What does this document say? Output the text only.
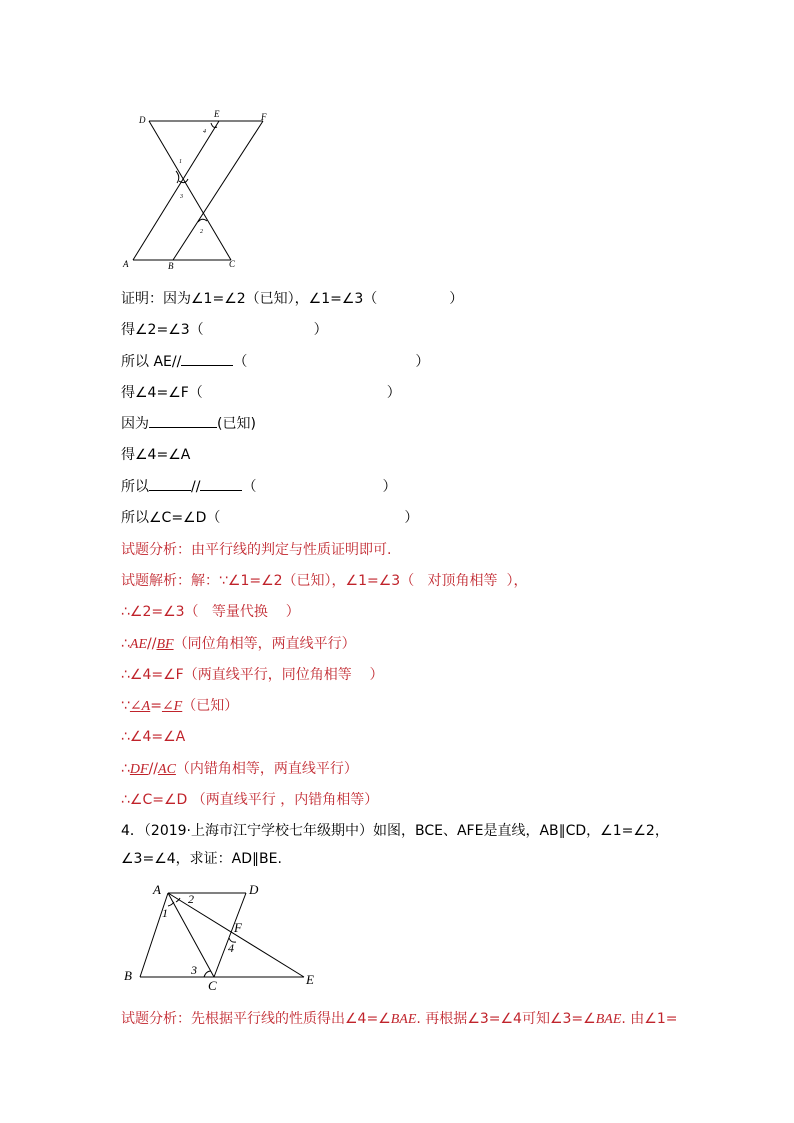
D
E	F
A	B	C
1
3
2
4
证明：因为∠1=∠2（已知），∠1=∠3（	）
得∠2=∠3（	）
所以 AE//	（	）
得∠4=∠F（	）
因为	(已知)
得∠4=∠A
所以	//	（	）
所以∠C=∠D（	）
试题分析：由平行线的判定与性质证明即可.
试题解析：解：∵∠1=∠2（已知），∠1=∠3（   对顶角相等  ），
∴∠2=∠3（   等量代换    ）
∴AE//BF（同位角相等，两直线平行）
∴∠4=∠F（两直线平行，同位角相等    ）
∵∠A=∠F（已知）
∴∠4=∠A
∴DF//AC（内错角相等，两直线平行）
∴∠C=∠D （两直线平行 ，内错角相等）
4．（2019·上海市江宁学校七年级期中）如图，BCE、AFE是直线，AB∥CD，∠1=∠2，∠3=∠4，求证：AD∥BE.
A	D
B
C	E
F
1
2
3
4
试题分析：先根据平行线的性质得出∠4=∠BAE. 再根据∠3=∠4可知∠3=∠BAE. 由∠1=
